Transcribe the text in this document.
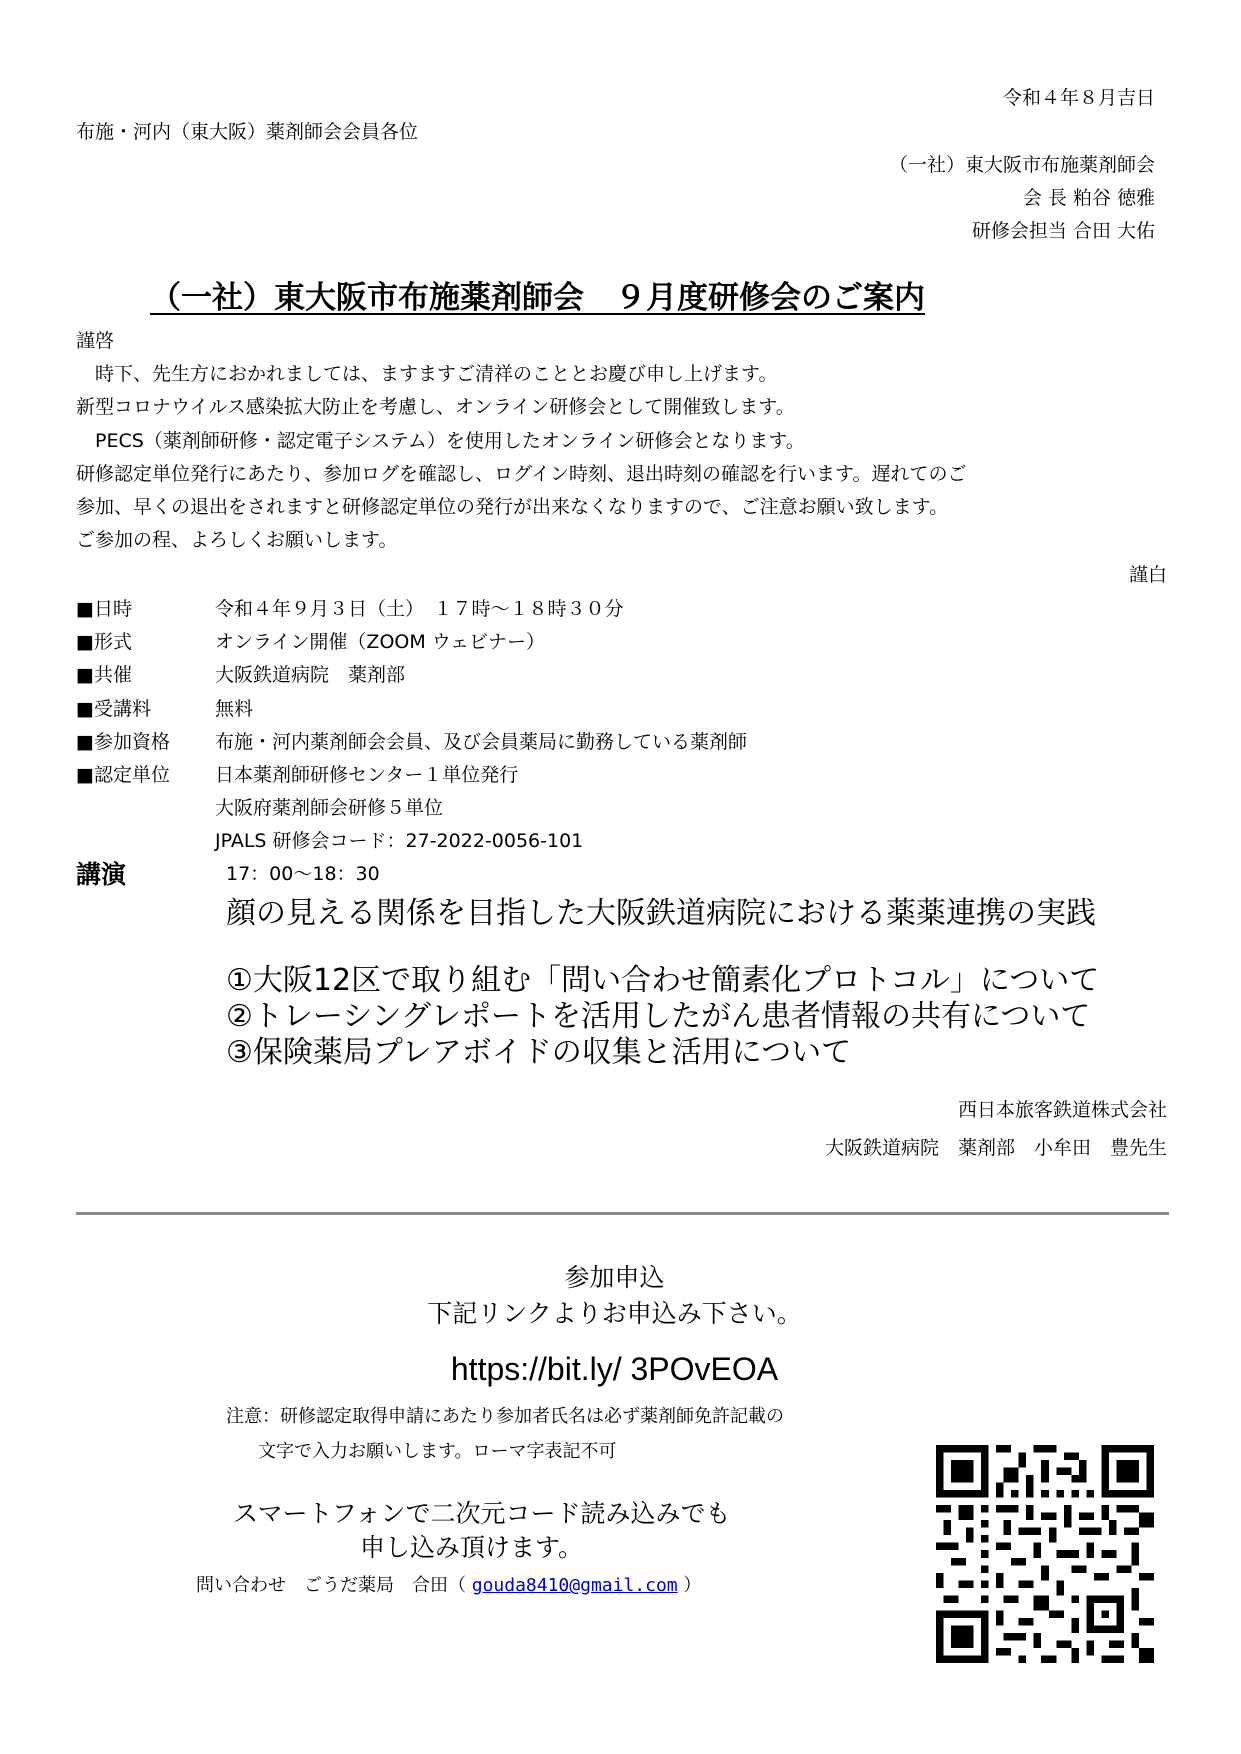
令和４年８月吉日
布施・河内（東大阪）薬剤師会会員各位
（一社）東大阪市布施薬剤師会
会 長 粕谷 徳雅
研修会担当 合田 大佑
（一社）東大阪市布施薬剤師会　９月度研修会のご案内
謹啓
　時下、先生方におかれましては、ますますご清祥のこととお慶び申し上げます。
新型コロナウイルス感染拡大防止を考慮し、オンライン研修会として開催致します。
　PECS（薬剤師研修・認定電子システム）を使用したオンライン研修会となります。
研修認定単位発行にあたり、参加ログを確認し、ログイン時刻、退出時刻の確認を行います。遅れてのご
参加、早くの退出をされますと研修認定単位の発行が出来なくなりますので、ご注意お願い致します。
ご参加の程、よろしくお願いします。
謹白
■日時	令和４年９月３日（土）　１７時～１８時３０分
■形式	オンライン開催（ZOOM ウェビナー）
■共催	大阪鉄道病院　薬剤部
■受講料	無料
■参加資格 布施・河内薬剤師会会員、及び会員薬局に勤務している薬剤師
■認定単位 日本薬剤師研修センター１単位発行
大阪府薬剤師会研修５単位
JPALS 研修会コード：27-2022-0056-101
講演	17：00～18：30
顔の見える関係を目指した大阪鉄道病院における薬薬連携の実践
①大阪12区で取り組む「問い合わせ簡素化プロトコル」について
②トレーシングレポートを活用したがん患者情報の共有について
③保険薬局プレアボイドの収集と活用について
西日本旅客鉄道株式会社
大阪鉄道病院　薬剤部　小牟田　豊先生
参加申込
下記リンクよりお申込み下さい。
https://bit.ly/ 3POvEOA
注意：研修認定取得申請にあたり参加者氏名は必ず薬剤師免許記載の
文字で入力お願いします。ローマ字表記不可
スマートフォンで二次元コード読み込みでも
申し込み頂けます。
問い合わせ　ごうだ薬局　合田（ gouda8410@gmail.com ）
